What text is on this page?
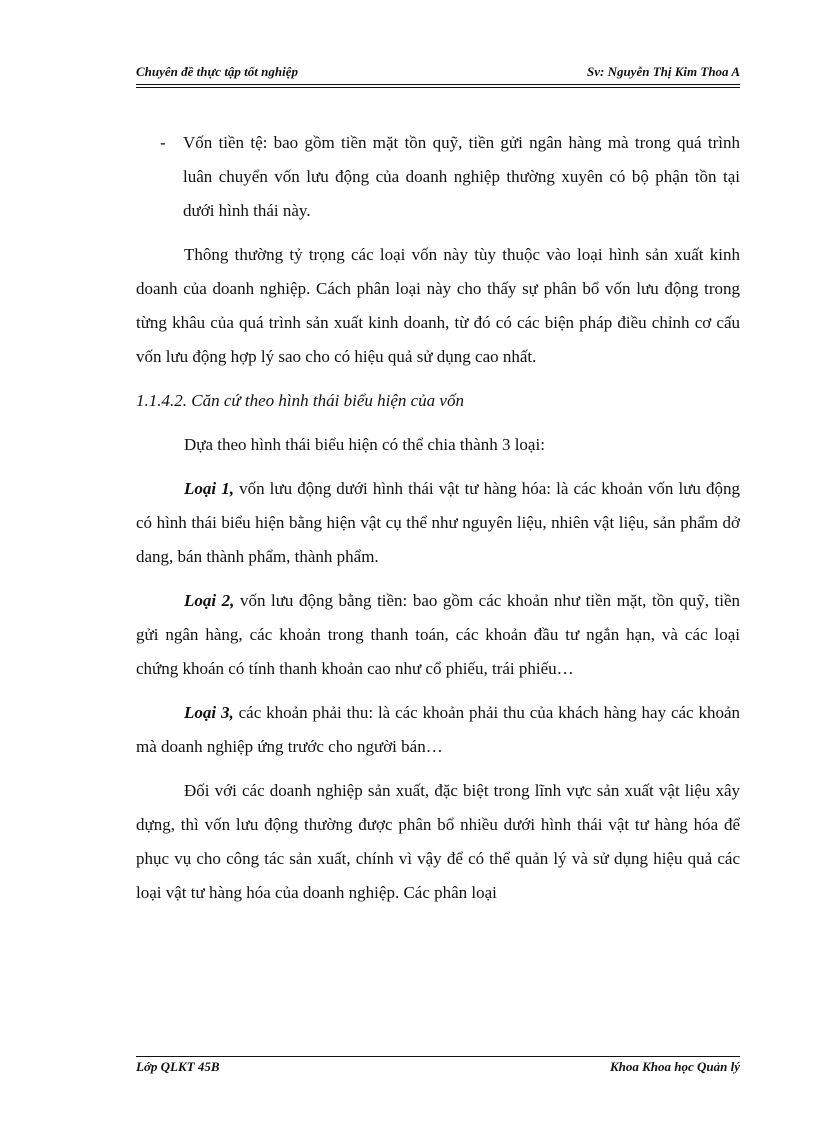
Chuyên đề thực tập tốt nghiệp	Sv: Nguyễn Thị Kim Thoa A
-	Vốn tiền tệ: bao gồm tiền mặt tồn quỹ, tiền gửi ngân hàng mà trong quá trình luân chuyển vốn lưu động của doanh nghiệp thường xuyên có bộ phận tồn tại dưới hình thái này.

Thông thường tỷ trọng các loại vốn này tùy thuộc vào loại hình sản xuất kinh doanh của doanh nghiệp. Cách phân loại này cho thấy sự phân bổ vốn lưu động trong từng khâu của quá trình sản xuất kinh doanh, từ đó có các biện pháp điều chỉnh cơ cấu vốn lưu động hợp lý sao cho có hiệu quả sử dụng cao nhất.

1.1.4.2. Căn cứ theo hình thái biểu hiện của vốn

Dựa theo hình thái biểu hiện có thể chia thành 3 loại:

Loại 1, vốn lưu động dưới hình thái vật tư hàng hóa: là các khoản vốn lưu động có hình thái biểu hiện bằng hiện vật cụ thể như nguyên liệu, nhiên vật liệu, sản phẩm dở dang, bán thành phẩm, thành phẩm.

Loại 2, vốn lưu động bằng tiền: bao gồm các khoản như tiền mặt, tồn quỹ, tiền gửi ngân hàng, các khoản trong thanh toán, các khoản đầu tư ngắn hạn, và các loại chứng khoán có tính thanh khoản cao như cổ phiếu, trái phiếu…

Loại 3, các khoản phải thu: là các khoản phải thu của khách hàng hay các khoản mà doanh nghiệp ứng trước cho người bán…

Đối với các doanh nghiệp sản xuất, đặc biệt trong lĩnh vực sản xuất vật liệu xây dựng, thì vốn lưu động thường được phân bổ nhiều dưới hình thái vật tư hàng hóa để phục vụ cho công tác sản xuất, chính vì vậy để có thể quản lý và sử dụng hiệu quả các loại vật tư hàng hóa của doanh nghiệp. Các phân loại

Lớp QLKT 45B	Khoa Khoa học Quản lý
